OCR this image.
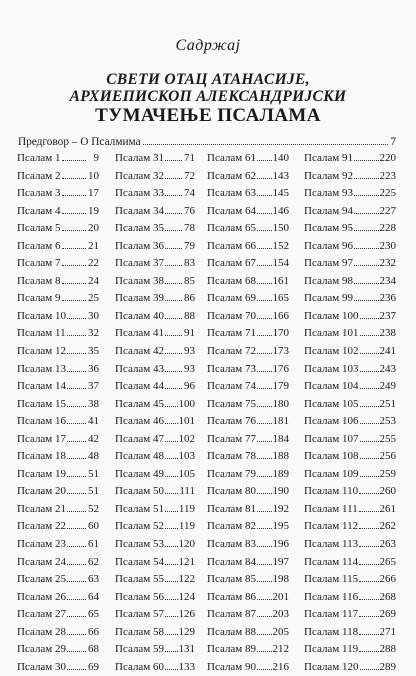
Садржај
СВЕТИ ОТАЦ АТАНАСИЈЕ,
АРХИЕПИСКОП АЛЕКСАНДРИЈСКИ
ТУМАЧЕЊЕ ПСАЛАМА
Предговор – О Псалмима	7
Псалам 1	9
Псалам 2 10
Псалам 3 17
Псалам 4 19
Псалам 5 20
Псалам 6 21
Псалам 7 22
Псалам 8 24
Псалам 9 25
Псалам 10 30
Псалам 11 32
Псалам 12 35
Псалам 13 36
Псалам 14 37
Псалам 15 38
Псалам 16 41
Псалам 17 42
Псалам 18 48
Псалам 19 51
Псалам 20 51
Псалам 21 52
Псалам 22 60
Псалам 23 61
Псалам 24 62
Псалам 25 63
Псалам 26 64
Псалам 27 65
Псалам 28 66
Псалам 29 68
Псалам 30 69
Псалам 31 71
Псалам 32 72
Псалам 33 74
Псалам 34 76
Псалам 35 78
Псалам 36 79
Псалам 37 83
Псалам 38 85
Псалам 39 86
Псалам 40 88
Псалам 41 91
Псалам 42 93
Псалам 43 93
Псалам 44 96
Псалам 45 100
Псалам 46 101
Псалам 47 102
Псалам 48 103
Псалам 49 105
Псалам 50 111
Псалам 51 119
Псалам 52 119
Псалам 53 120
Псалам 54 121
Псалам 55 122
Псалам 56 124
Псалам 57 126
Псалам 58 129
Псалам 59 131
Псалам 60 133
Псалам 61 140
Псалам 62 143
Псалам 63 145
Псалам 64 146
Псалам 65 150
Псалам 66 152
Псалам 67 154
Псалам 68 161
Псалам 69 165
Псалам 70 166
Псалам 71 170
Псалам 72 173
Псалам 73 176
Псалам 74 179
Псалам 75 180
Псалам 76 181
Псалам 77 184
Псалам 78 188
Псалам 79 189
Псалам 80 190
Псалам 81 192
Псалам 82 195
Псалам 83 196
Псалам 84 197
Псалам 85 198
Псалам 86 201
Псалам 87 203
Псалам 88 205
Псалам 89 212
Псалам 90 216
Псалам 91 220
Псалам 92 223
Псалам 93 225
Псалам 94 227
Псалам 95 228
Псалам 96 230
Псалам 97 232
Псалам 98 234
Псалам 99 236
Псалам 100 237
Псалам 101 238
Псалам 102 241
Псалам 103 243
Псалам 104 249
Псалам 105 251
Псалам 106 253
Псалам 107 255
Псалам 108 256
Псалам 109 259
Псалам 110 260
Псалам 111 261
Псалам 112 262
Псалам 113 263
Псалам 114 265
Псалам 115 266
Псалам 116 268
Псалам 117 269
Псалам 118 271
Псалам 119 288
Псалам 120 289
